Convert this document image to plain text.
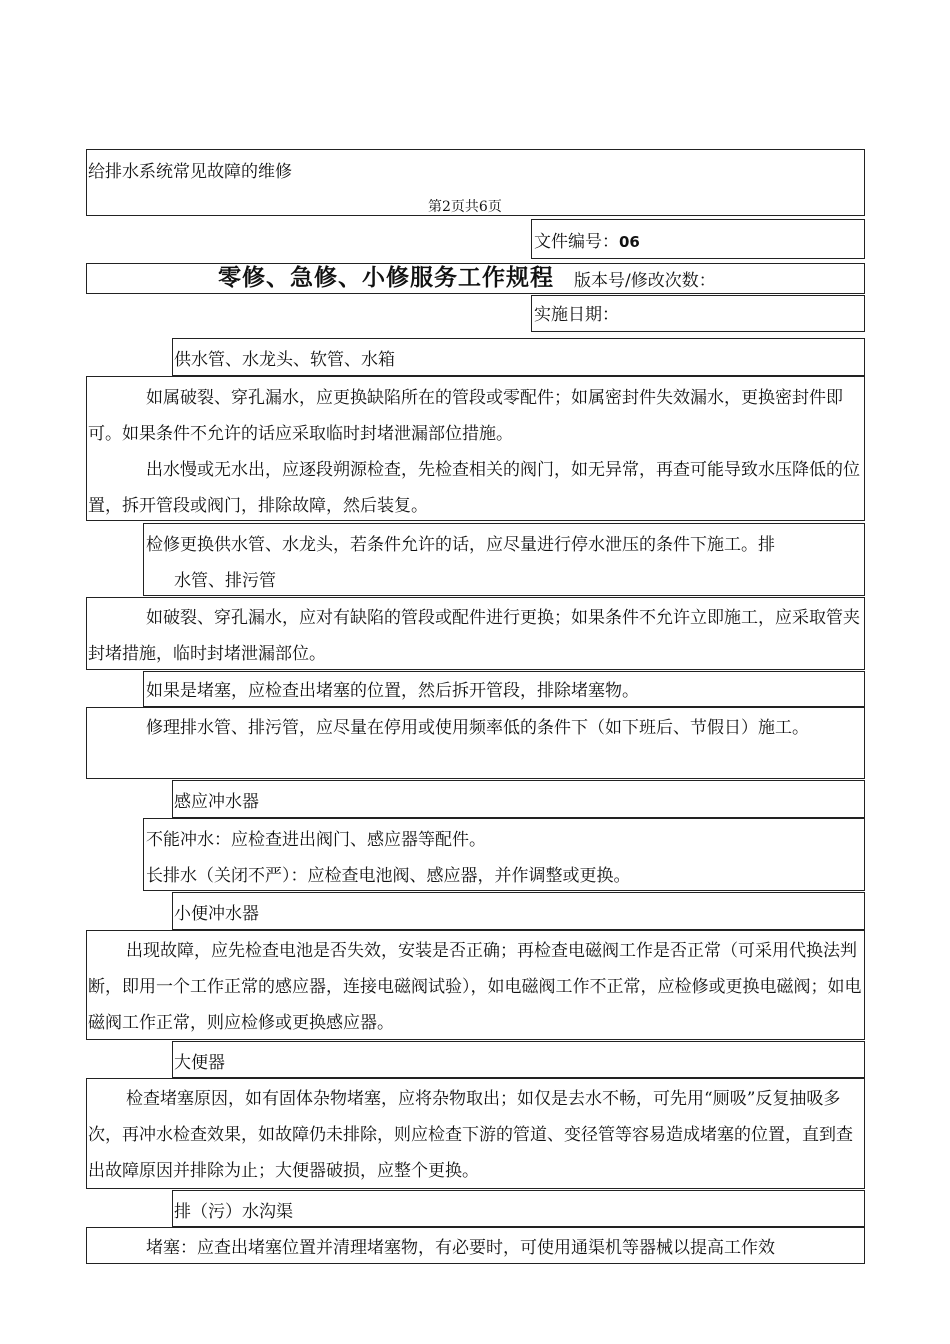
给排水系统常见故障的维修
第2页共6页
文件编号：06
零修、急修、小修服务工作规程 版本号/修改次数：
实施日期：
供水管、水龙头、软管、水箱
如属破裂、穿孔漏水，应更换缺陷所在的管段或零配件；如属密封件失效漏水，更换密封件即可。如果条件不允许的话应采取临时封堵泄漏部位措施。
出水慢或无水出，应逐段朔源检查，先检查相关的阀门，如无异常，再查可能导致水压降低的位置，拆开管段或阀门，排除故障，然后装复。
检修更换供水管、水龙头，若条件允许的话，应尽量进行停水泄压的条件下施工。排
水管、排污管
如破裂、穿孔漏水，应对有缺陷的管段或配件进行更换；如果条件不允许立即施工，应采取管夹封堵措施，临时封堵泄漏部位。
如果是堵塞，应检查出堵塞的位置，然后拆开管段，排除堵塞物。
修理排水管、排污管，应尽量在停用或使用频率低的条件下（如下班后、节假日）施工。
感应冲水器
不能冲水：应检查进出阀门、感应器等配件。
长排水（关闭不严）：应检查电池阀、感应器，并作调整或更换。
小便冲水器
出现故障，应先检查电池是否失效，安装是否正确；再检查电磁阀工作是否正常（可采用代换法判断，即用一个工作正常的感应器，连接电磁阀试验），如电磁阀工作不正常，应检修或更换电磁阀；如电磁阀工作正常，则应检修或更换感应器。
大便器
检查堵塞原因，如有固体杂物堵塞，应将杂物取出；如仅是去水不畅，可先用“厕吸”反复抽吸多次，再冲水检查效果，如故障仍未排除，则应检查下游的管道、变径管等容易造成堵塞的位置，直到查出故障原因并排除为止；大便器破损，应整个更换。
排（污）水沟渠
堵塞：应查出堵塞位置并清理堵塞物，有必要时，可使用通渠机等器械以提高工作效
